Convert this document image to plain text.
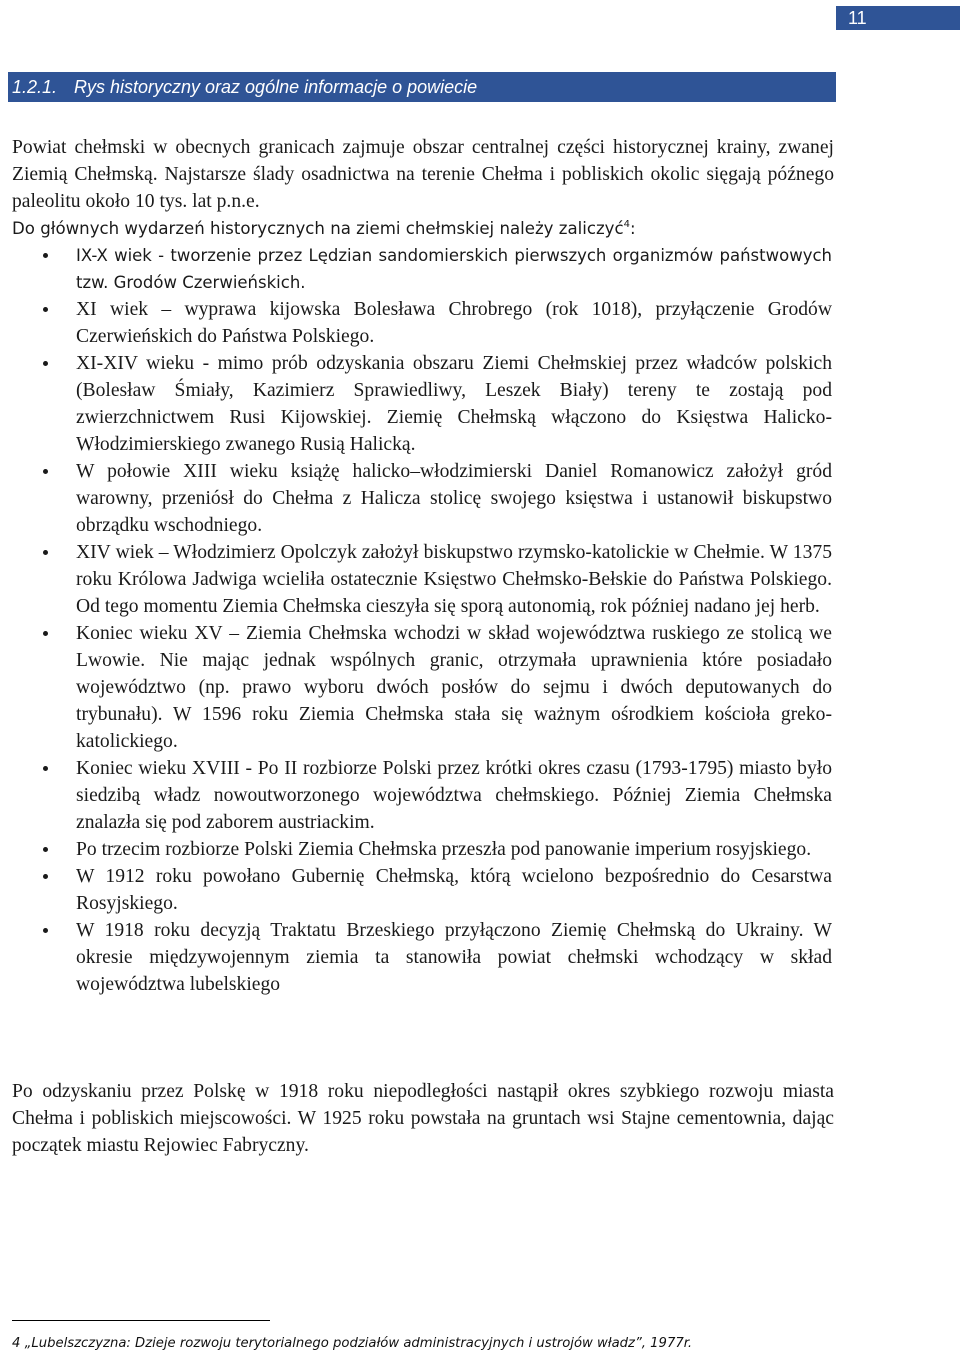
11
1.2.1. Rys historyczny oraz ogólne informacje o powiecie

Powiat chełmski w obecnych granicach zajmuje obszar centralnej części historycznej krainy, zwanej Ziemią Chełmską. Najstarsze ślady osadnictwa na terenie Chełma i pobliskich okolic sięgają późnego paleolitu około 10 tys. lat p.n.e.

Do głównych wydarzeń historycznych na ziemi chełmskiej należy zaliczyć$^4$:
IX-X wiek - tworzenie przez Lędzian sandomierskich pierwszych organizmów państwowych tzw. Grodów Czerwieńskich.
XI wiek – wyprawa kijowska Bolesława Chrobrego (rok 1018), przyłączenie Grodów Czerwieńskich do Państwa Polskiego.
XI-XIV wieku - mimo prób odzyskania obszaru Ziemi Chełmskiej przez władców polskich (Bolesław Śmiały, Kazimierz Sprawiedliwy, Leszek Biały) tereny te zostają pod zwierzchnictwem Rusi Kijowskiej. Ziemię Chełmską włączono do Księstwa Halicko-Włodzimierskiego zwanego Rusią Halicką.
W połowie XIII wieku książę halicko–włodzimierski Daniel Romanowicz założył gród warowny, przeniósł do Chełma z Halicza stolicę swojego księstwa i ustanowił biskupstwo obrządku wschodniego.
XIV wiek – Włodzimierz Opolczyk założył biskupstwo rzymsko-katolickie w Chełmie. W 1375 roku Królowa Jadwiga wcieliła ostatecznie Księstwo Chełmsko-Bełskie do Państwa Polskiego. Od tego momentu Ziemia Chełmska cieszyła się sporą autonomią, rok później nadano jej herb.
Koniec wieku XV – Ziemia Chełmska wchodzi w skład województwa ruskiego ze stolicą we Lwowie. Nie mając jednak wspólnych granic, otrzymała uprawnienia które posiadało województwo (np. prawo wyboru dwóch posłów do sejmu i dwóch deputowanych do trybunału). W 1596 roku Ziemia Chełmska stała się ważnym ośrodkiem kościoła greko-katolickiego.
Koniec wieku XVIII - Po II rozbiorze Polski przez krótki okres czasu (1793-1795) miasto było siedzibą władz nowoutworzonego województwa chełmskiego. Później Ziemia Chełmska znalazła się pod zaborem austriackim.
Po trzecim rozbiorze Polski Ziemia Chełmska przeszła pod panowanie imperium rosyjskiego.
W 1912 roku powołano Gubernię Chełmską, którą wcielono bezpośrednio do Cesarstwa Rosyjskiego.
W 1918 roku decyzją Traktatu Brzeskiego przyłączono Ziemię Chełmską do Ukrainy. W okresie międzywojennym ziemia ta stanowiła powiat chełmski wchodzący w skład województwa lubelskiego

Po odzyskaniu przez Polskę w 1918 roku niepodległości nastąpił okres szybkiego rozwoju miasta Chełma i pobliskich miejscowości. W 1925 roku powstała na gruntach wsi Stajne cementownia, dając początek miastu Rejowiec Fabryczny.

4 „Lubelszczyzna: Dzieje rozwoju terytorialnego podziałów administracyjnych i ustrojów władz”, 1977r.
